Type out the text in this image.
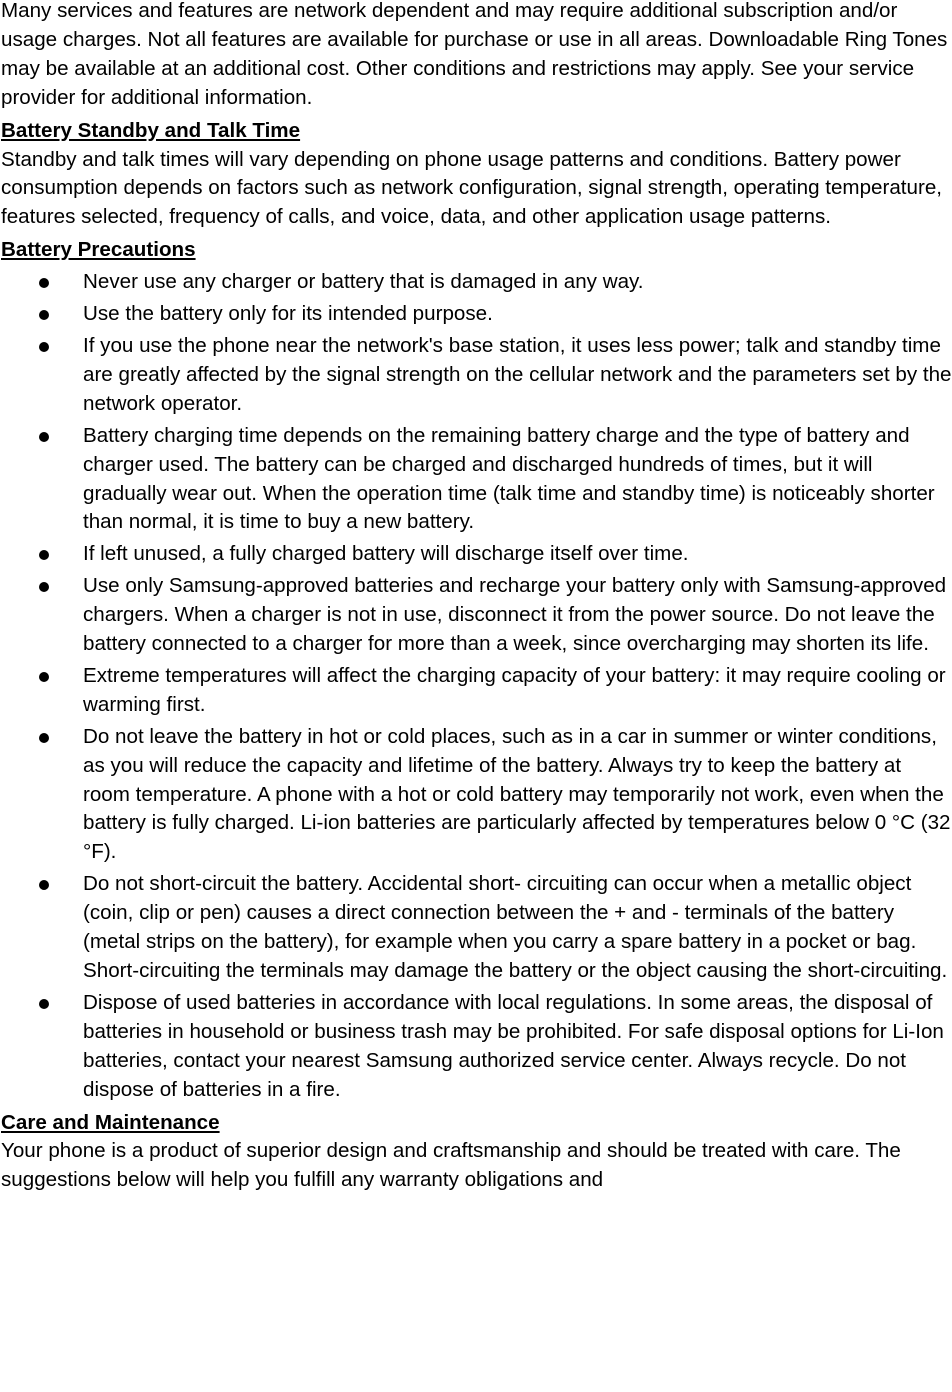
Many services and features are network dependent and may require additional subscription and/or usage charges. Not all features are available for purchase or use in all areas. Downloadable Ring Tones may be available at an additional cost. Other conditions and restrictions may apply. See your service provider for additional information.

Battery Standby and Talk Time

Standby and talk times will vary depending on phone usage patterns and conditions. Battery power consumption depends on factors such as network configuration, signal strength, operating temperature, features selected, frequency of calls, and voice, data, and other application usage patterns.

Battery Precautions
Never use any charger or battery that is damaged in any way.
Use the battery only for its intended purpose.
If you use the phone near the network's base station, it uses less power; talk and standby time are greatly affected by the signal strength on the cellular network and the parameters set by the network operator.
Battery charging time depends on the remaining battery charge and the type of battery and charger used. The battery can be charged and discharged hundreds of times, but it will gradually wear out. When the operation time (talk time and standby time) is noticeably shorter than normal, it is time to buy a new battery.
If left unused, a fully charged battery will discharge itself over time.
Use only Samsung-approved batteries and recharge your battery only with Samsung-approved chargers. When a charger is not in use, disconnect it from the power source. Do not leave the battery connected to a charger for more than a week, since overcharging may shorten its life.
Extreme temperatures will affect the charging capacity of your battery: it may require cooling or warming first.
Do not leave the battery in hot or cold places, such as in a car in summer or winter conditions, as you will reduce the capacity and lifetime of the battery. Always try to keep the battery at room temperature. A phone with a hot or cold battery may temporarily not work, even when the battery is fully charged. Li-ion batteries are particularly affected by temperatures below 0 °C (32 °F).
Do not short-circuit the battery. Accidental short- circuiting can occur when a metallic object (coin, clip or pen) causes a direct connection between the + and - terminals of the battery (metal strips on the battery), for example when you carry a spare battery in a pocket or bag. Short-circuiting the terminals may damage the battery or the object causing the short-circuiting.
Dispose of used batteries in accordance with local regulations. In some areas, the disposal of batteries in household or business trash may be prohibited. For safe disposal options for Li-Ion batteries, contact your nearest Samsung authorized service center. Always recycle. Do not dispose of batteries in a fire.
Care and Maintenance

Your phone is a product of superior design and craftsmanship and should be treated with care. The suggestions below will help you fulfill any warranty obligations and
